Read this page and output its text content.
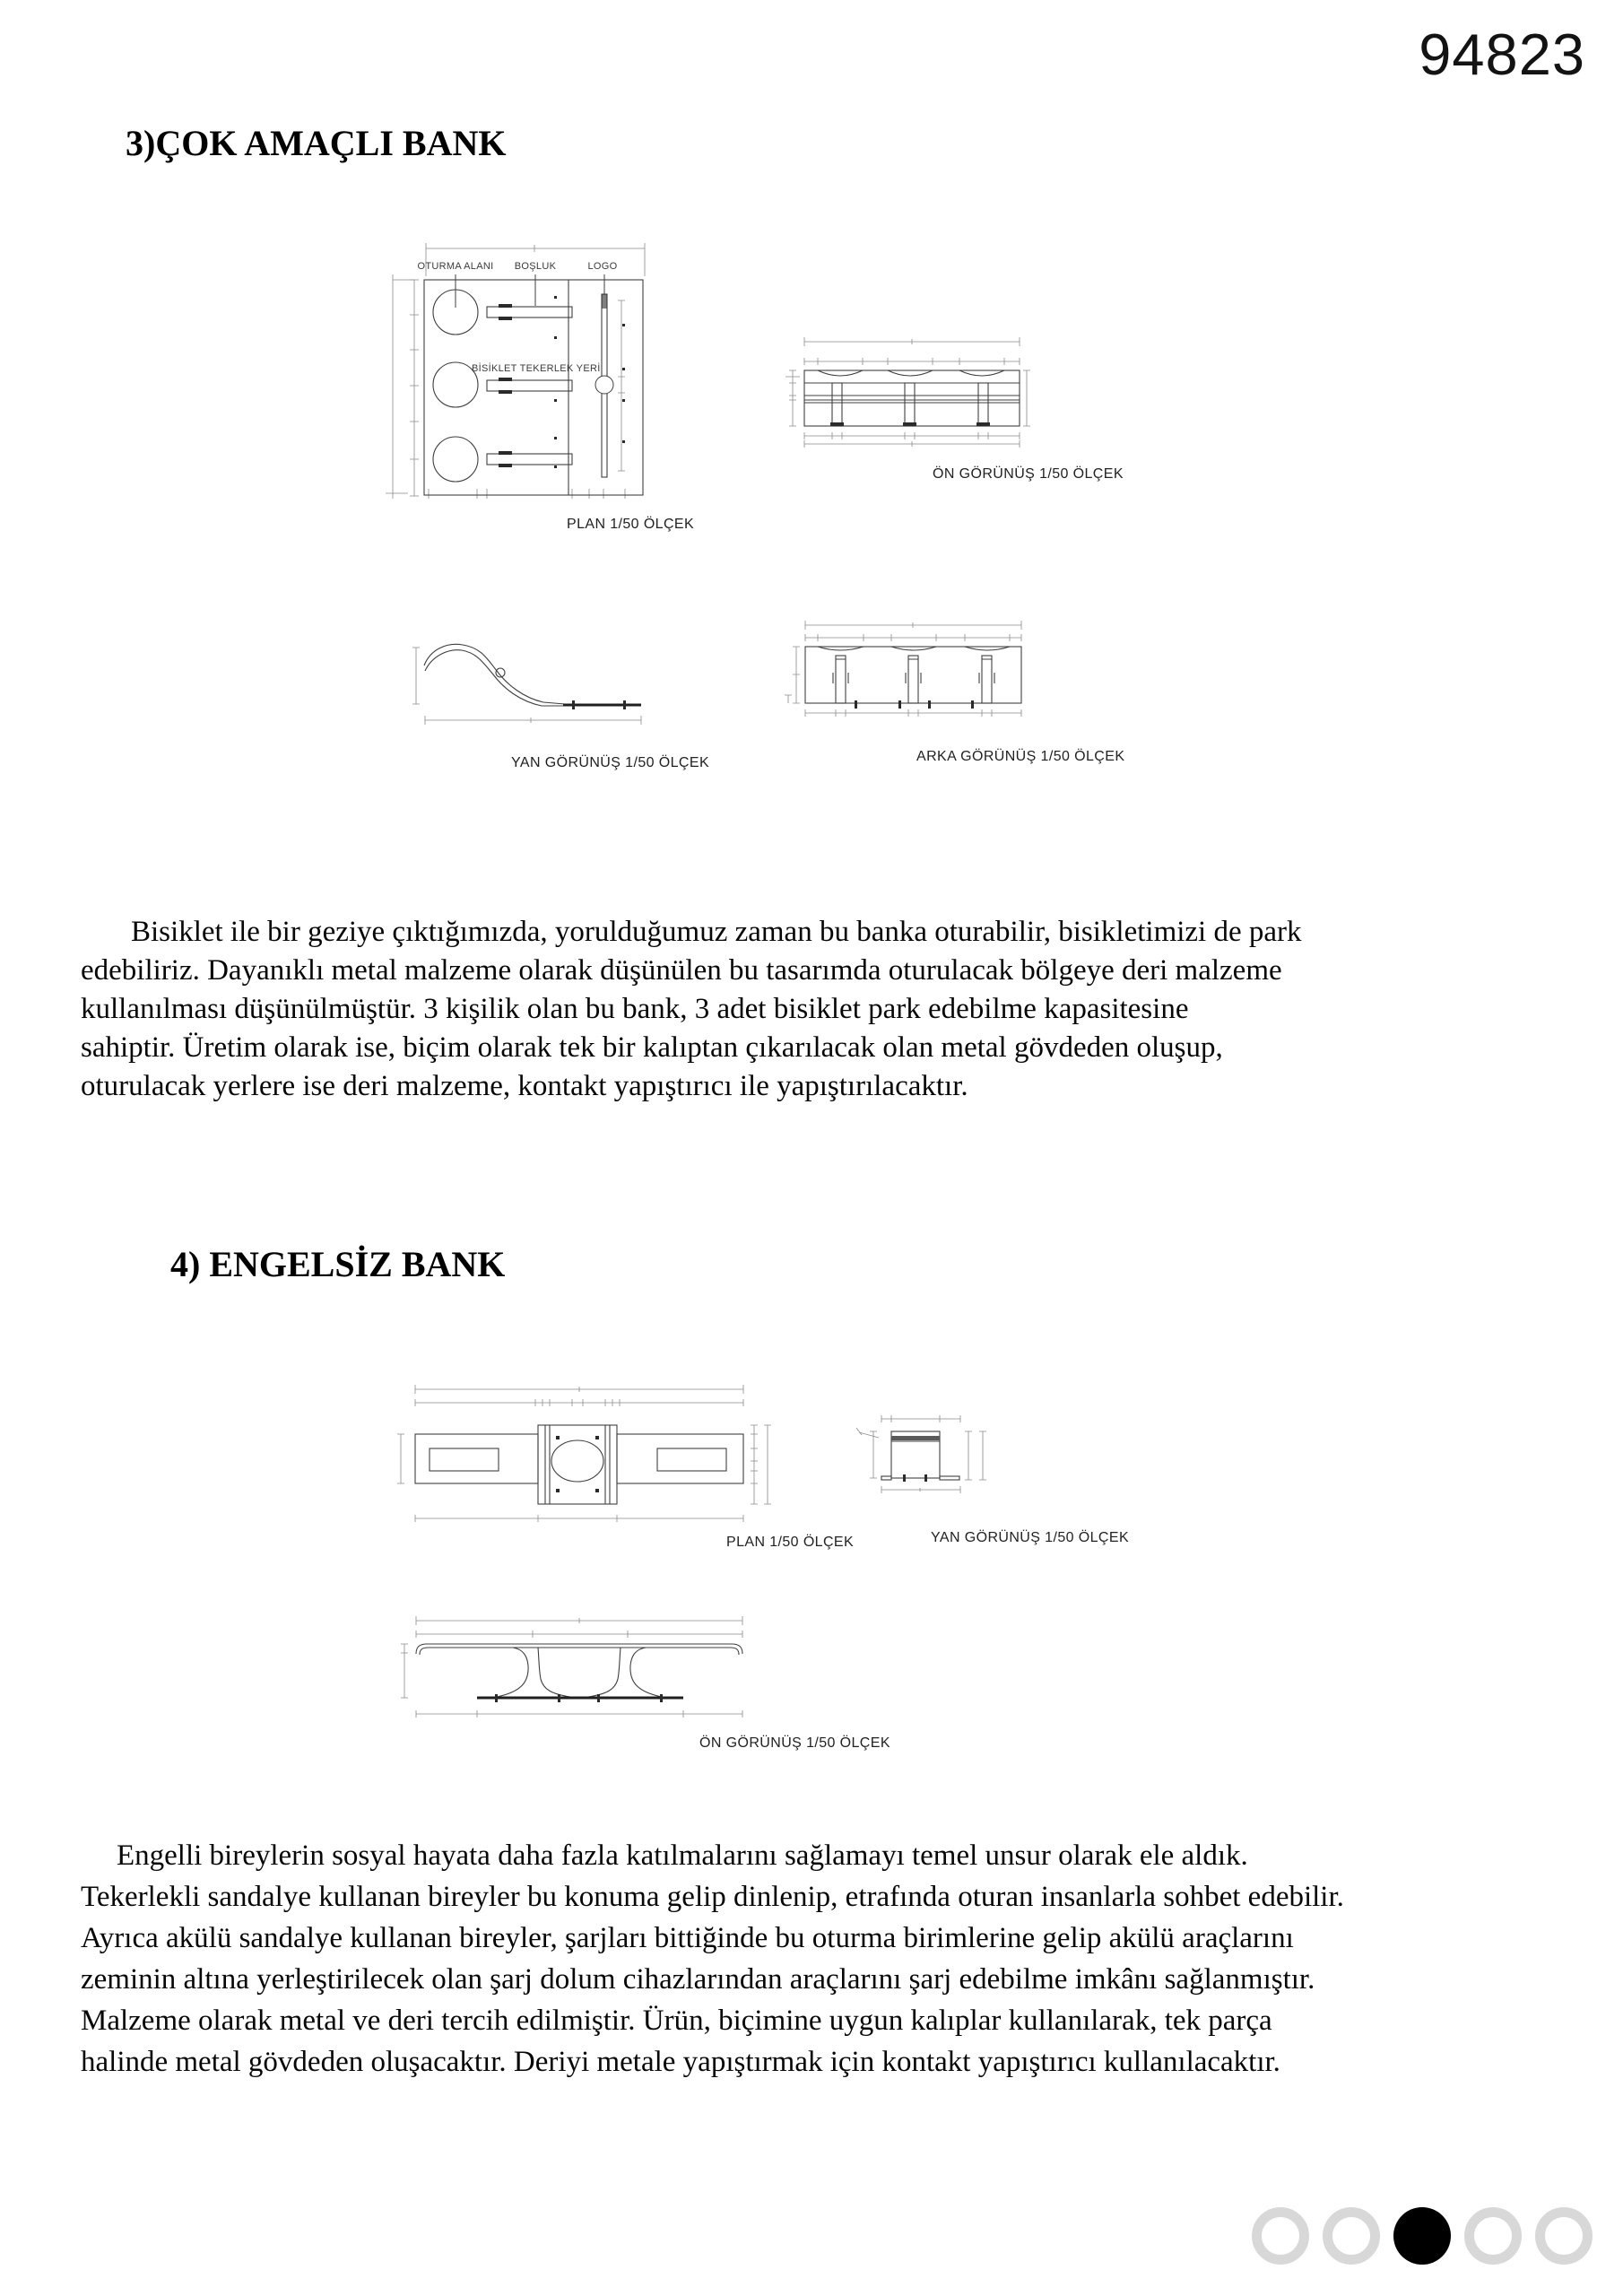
94823
3)ÇOK AMAÇLI BANK
OTURMA ALANI BOŞLUK	LOGO
BİSİKLET TEKERLEK YERİ
PLAN 1/50 ÖLÇEK
ÖN GÖRÜNÜŞ 1/50 ÖLÇEK
YAN GÖRÜNÜŞ 1/50 ÖLÇEK	ARKA GÖRÜNÜŞ 1/50 ÖLÇEK
Bisiklet ile bir geziye çıktığımızda, yorulduğumuz zaman bu banka oturabilir, bisikletimizi de park
edebiliriz. Dayanıklı metal malzeme olarak düşünülen bu tasarımda oturulacak bölgeye deri malzeme
kullanılması düşünülmüştür. 3 kişilik olan bu bank, 3 adet bisiklet park edebilme kapasitesine
sahiptir. Üretim olarak ise, biçim olarak tek bir kalıptan çıkarılacak olan metal gövdeden oluşup,
oturulacak yerlere ise deri malzeme, kontakt yapıştırıcı ile yapıştırılacaktır.
4) ENGELSİZ BANK
PLAN 1/50 ÖLÇEK	YAN GÖRÜNÜŞ 1/50 ÖLÇEK
ÖN GÖRÜNÜŞ 1/50 ÖLÇEK
Engelli bireylerin sosyal hayata daha fazla katılmalarını sağlamayı temel unsur olarak ele aldık.
Tekerlekli sandalye kullanan bireyler bu konuma gelip dinlenip, etrafında oturan insanlarla sohbet edebilir.
Ayrıca akülü sandalye kullanan bireyler, şarjları bittiğinde bu oturma birimlerine gelip akülü araçlarını
zeminin altına yerleştirilecek olan şarj dolum cihazlarından araçlarını şarj edebilme imkânı sağlanmıştır.
Malzeme olarak metal ve deri tercih edilmiştir. Ürün, biçimine uygun kalıplar kullanılarak, tek parça
halinde metal gövdeden oluşacaktır. Deriyi metale yapıştırmak için kontakt yapıştırıcı kullanılacaktır.
